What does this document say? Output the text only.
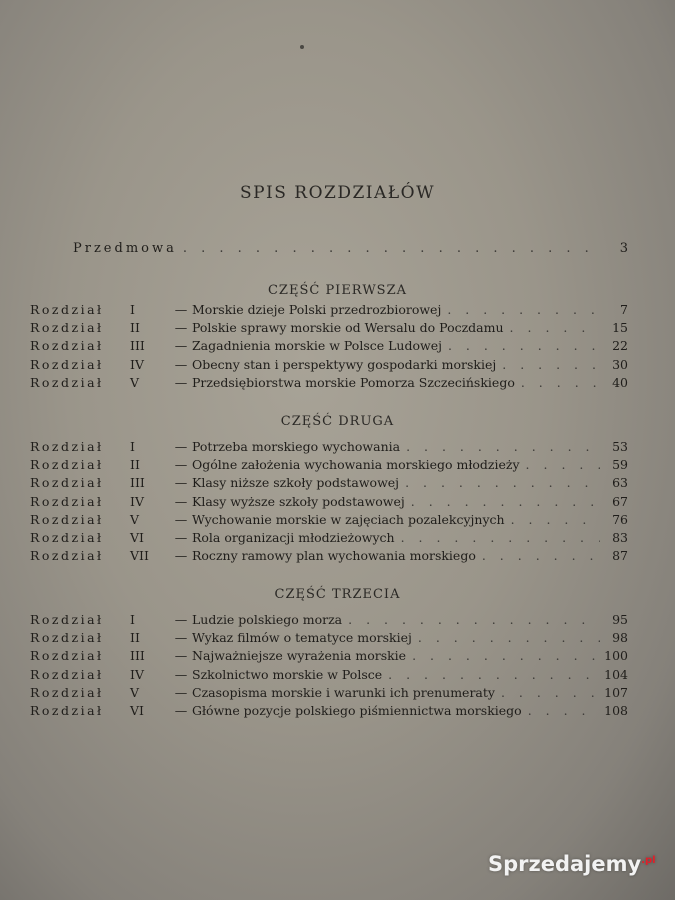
SPIS ROZDZIAŁÓW
Przedmowa . . .	3
CZĘŚĆ PIERWSZA
Rozdział	I	— Morskie dzieje Polski przedrozbiorowej . . .	7
Rozdział	II	— Polskie sprawy morskie od Wersalu do Poczdamu . . .	15
Rozdział	III	— Zagadnienia morskie w Polsce Ludowej . . .	22
Rozdział	IV	— Obecny stan i perspektywy gospodarki morskiej . . .	30
Rozdział	V	— Przedsiębiorstwa morskie Pomorza Szczecińskiego . . .	40
CZĘŚĆ DRUGA
Rozdział	I	— Potrzeba morskiego wychowania . . .	53
Rozdział	II	— Ogólne założenia wychowania morskiego młodzieży . . .	59
Rozdział	III	— Klasy niższe szkoły podstawowej . . .	63
Rozdział	IV	— Klasy wyższe szkoły podstawowej . . .	67
Rozdział	V	— Wychowanie morskie w zajęciach pozalekcyjnych . . .	76
Rozdział	VI	— Rola organizacji młodzieżowych . . .	83
Rozdział	VII	— Roczny ramowy plan wychowania morskiego . . .	87
CZĘŚĆ TRZECIA
Rozdział	I	— Ludzie polskiego morza . . .	95
Rozdział	II	— Wykaz filmów o tematyce morskiej . . .	98
Rozdział	III	— Najważniejsze wyrażenia morskie . . .	100
Rozdział	IV	— Szkolnictwo morskie w Polsce . . .	104
Rozdział	V	— Czasopisma morskie i warunki ich prenumeraty . . .	107
Rozdział	VI	— Główne pozycje polskiego piśmiennictwa morskiego . . .	108
Sprzedajemy$^{.pl}$
